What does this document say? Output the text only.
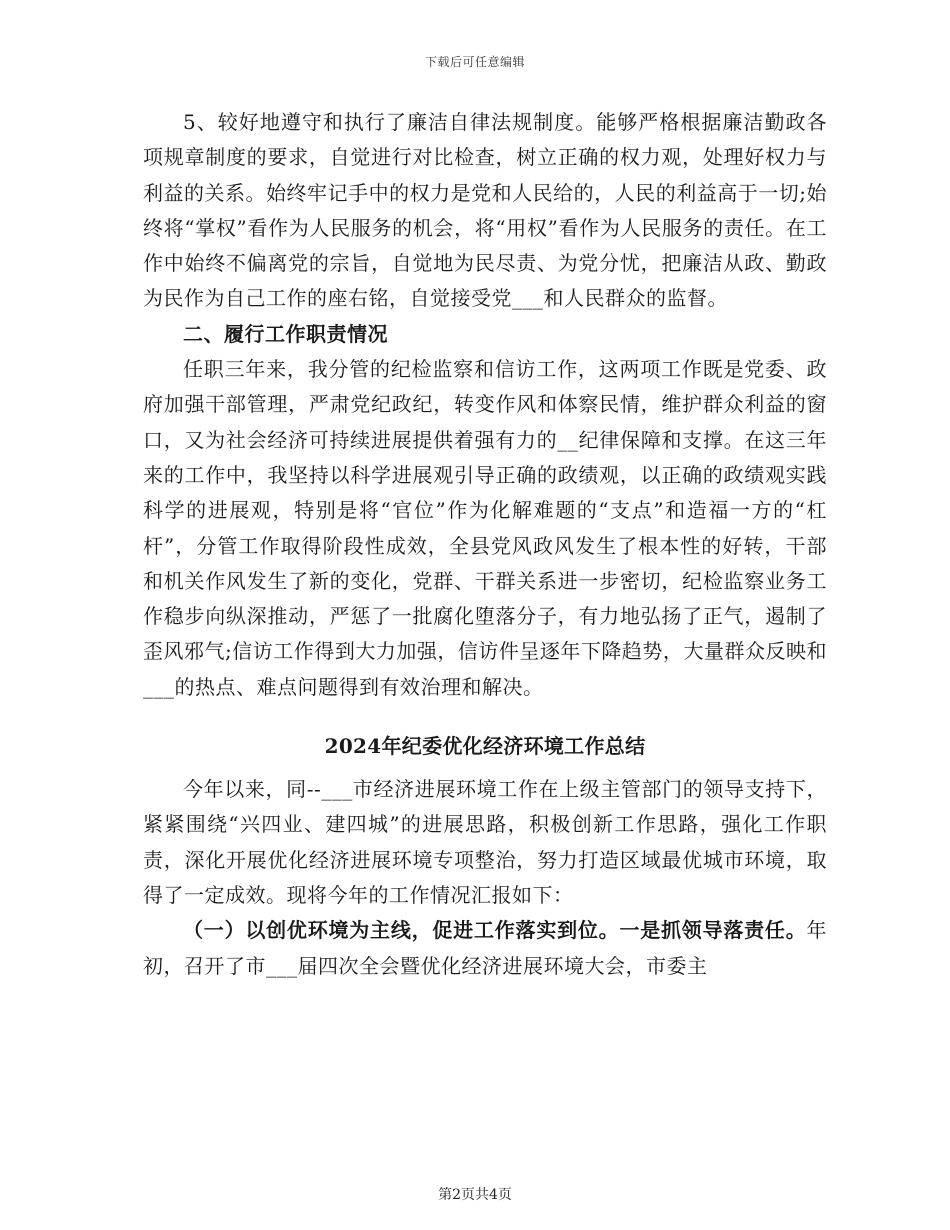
下载后可任意编辑

5、较好地遵守和执行了廉洁自律法规制度。能够严格根据廉洁勤政各项规章制度的要求，自觉进行对比检查，树立正确的权力观，处理好权力与利益的关系。始终牢记手中的权力是党和人民给的，人民的利益高于一切;始终将“掌权”看作为人民服务的机会，将“用权”看作为人民服务的责任。在工作中始终不偏离党的宗旨，自觉地为民尽责、为党分忧，把廉洁从政、勤政为民作为自己工作的座右铭，自觉接受党___和人民群众的监督。

二、履行工作职责情况

任职三年来，我分管的纪检监察和信访工作，这两项工作既是党委、政府加强干部管理，严肃党纪政纪，转变作风和体察民情，维护群众利益的窗口，又为社会经济可持续进展提供着强有力的__纪律保障和支撑。在这三年来的工作中，我坚持以科学进展观引导正确的政绩观，以正确的政绩观实践科学的进展观，特别是将“官位”作为化解难题的“支点”和造福一方的“杠杆”，分管工作取得阶段性成效，全县党风政风发生了根本性的好转，干部和机关作风发生了新的变化，党群、干群关系进一步密切，纪检监察业务工作稳步向纵深推动，严惩了一批腐化堕落分子，有力地弘扬了正气，遏制了歪风邪气;信访工作得到大力加强，信访件呈逐年下降趋势，大量群众反映和___的热点、难点问题得到有效治理和解决。

2024年纪委优化经济环境工作总结

今年以来，同--___市经济进展环境工作在上级主管部门的领导支持下，紧紧围绕“兴四业、建四城”的进展思路，积极创新工作思路，强化工作职责，深化开展优化经济进展环境专项整治，努力打造区域最优城市环境，取得了一定成效。现将今年的工作情况汇报如下：

（一）以创优环境为主线，促进工作落实到位。一是抓领导落责任。年初，召开了市___届四次全会暨优化经济进展环境大会，市委主

第2页共4页
